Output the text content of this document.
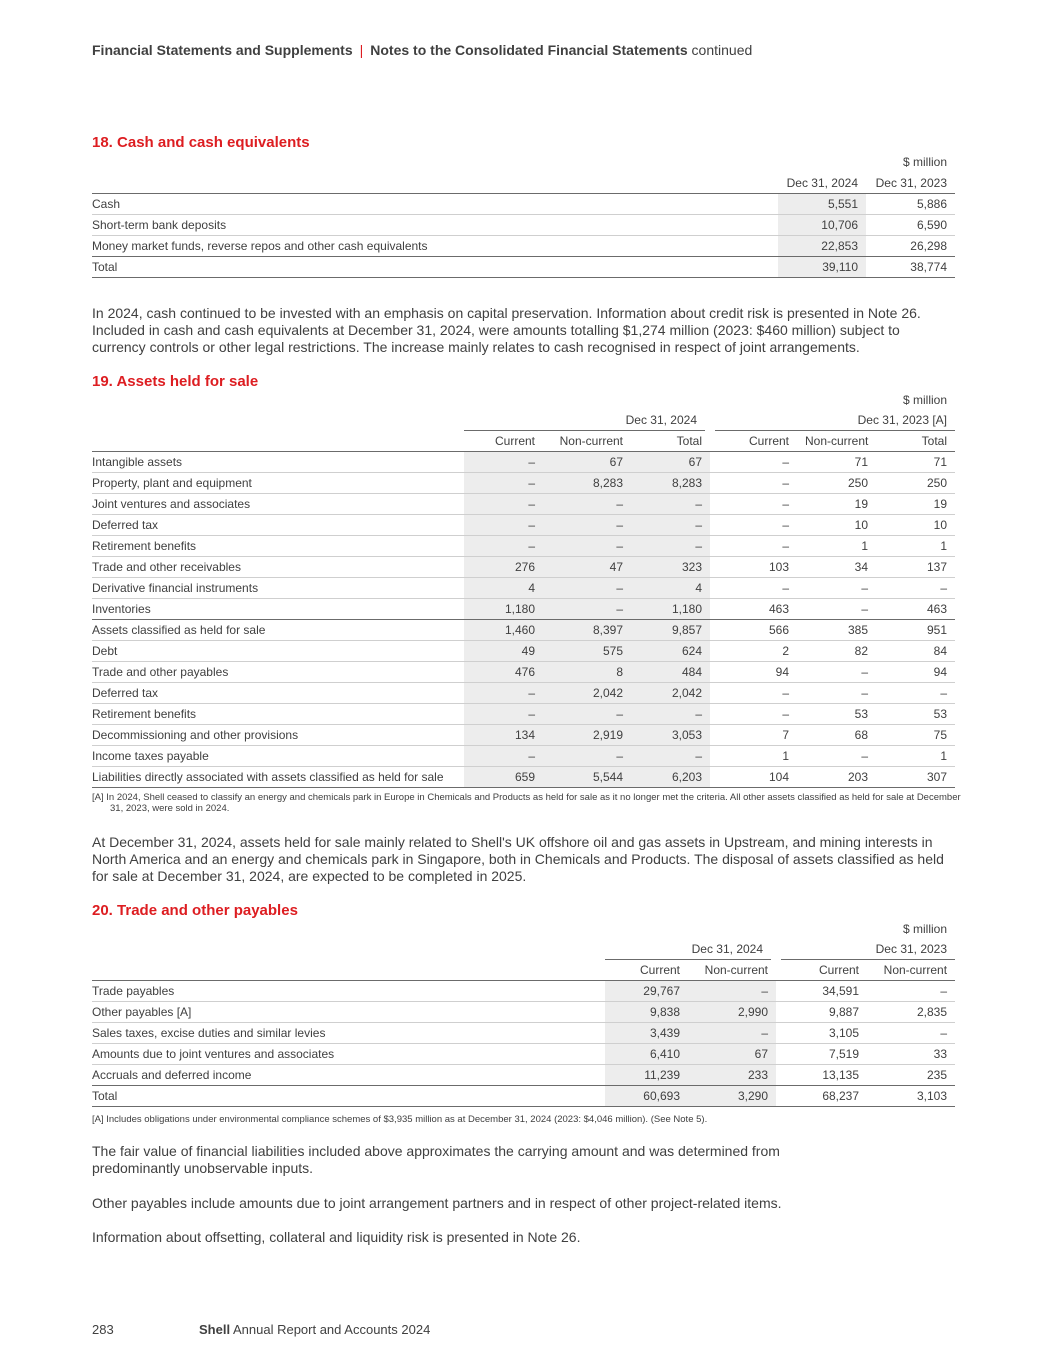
Financial Statements and Supplements | Notes to the Consolidated Financial Statements continued
18. Cash and cash equivalents
$ million
	Dec 31, 2024	Dec 31, 2023
Cash	5,551	5,886
Short-term bank deposits	10,706	6,590
Money market funds, reverse repos and other cash equivalents	22,853	26,298
Total	39,110	38,774

In 2024, cash continued to be invested with an emphasis on capital preservation. Information about credit risk is presented in Note 26. Included in cash and cash equivalents at December 31, 2024, were amounts totalling $1,274 million (2023: $460 million) subject to currency controls or other legal restrictions. The increase mainly relates to cash recognised in respect of joint arrangements.

19. Assets held for sale
$ million
	Dec 31, 2024			Dec 31, 2023 [A]		
	Current	Non-current	Total	Current	Non-current	Total
Intangible assets	–	67	67	–	71	71
Property, plant and equipment	–	8,283	8,283	–	250	250
Joint ventures and associates	–	–	–	–	19	19
Deferred tax	–	–	–	–	10	10
Retirement benefits	–	–	–	–	1	1
Trade and other receivables	276	47	323	103	34	137
Derivative financial instruments	4	–	4	–	–	–
Inventories	1,180	–	1,180	463	–	463
Assets classified as held for sale	1,460	8,397	9,857	566	385	951
Debt	49	575	624	2	82	84
Trade and other payables	476	8	484	94	–	94
Deferred tax	–	2,042	2,042	–	–	–
Retirement benefits	–	–	–	–	53	53
Decommissioning and other provisions	134	2,919	3,053	7	68	75
Income taxes payable	–	–	–	1	–	1
Liabilities directly associated with assets classified as held for sale	659	5,544	6,203	104	203	307
[A] In 2024, Shell ceased to classify an energy and chemicals park in Europe in Chemicals and Products as held for sale as it no longer met the criteria. All other assets classified as held for sale at December 31, 2023, were sold in 2024.

At December 31, 2024, assets held for sale mainly related to Shell's UK offshore oil and gas assets in Upstream, and mining interests in North America and an energy and chemicals park in Singapore, both in Chemicals and Products. The disposal of assets classified as held for sale at December 31, 2024, are expected to be completed in 2025.

20. Trade and other payables
$ million
	Dec 31, 2024		Dec 31, 2023	
	Current	Non-current	Current	Non-current
Trade payables	29,767	–	34,591	–
Other payables [A]	9,838	2,990	9,887	2,835
Sales taxes, excise duties and similar levies	3,439	–	3,105	–
Amounts due to joint ventures and associates	6,410	67	7,519	33
Accruals and deferred income	11,239	233	13,135	235
Total	60,693	3,290	68,237	3,103
[A] Includes obligations under environmental compliance schemes of $3,935 million as at December 31, 2024 (2023: $4,046 million). (See Note 5).

The fair value of financial liabilities included above approximates the carrying amount and was determined from predominantly unobservable inputs.

Other payables include amounts due to joint arrangement partners and in respect of other project-related items.

Information about offsetting, collateral and liquidity risk is presented in Note 26.

283	Shell Annual Report and Accounts 2024
